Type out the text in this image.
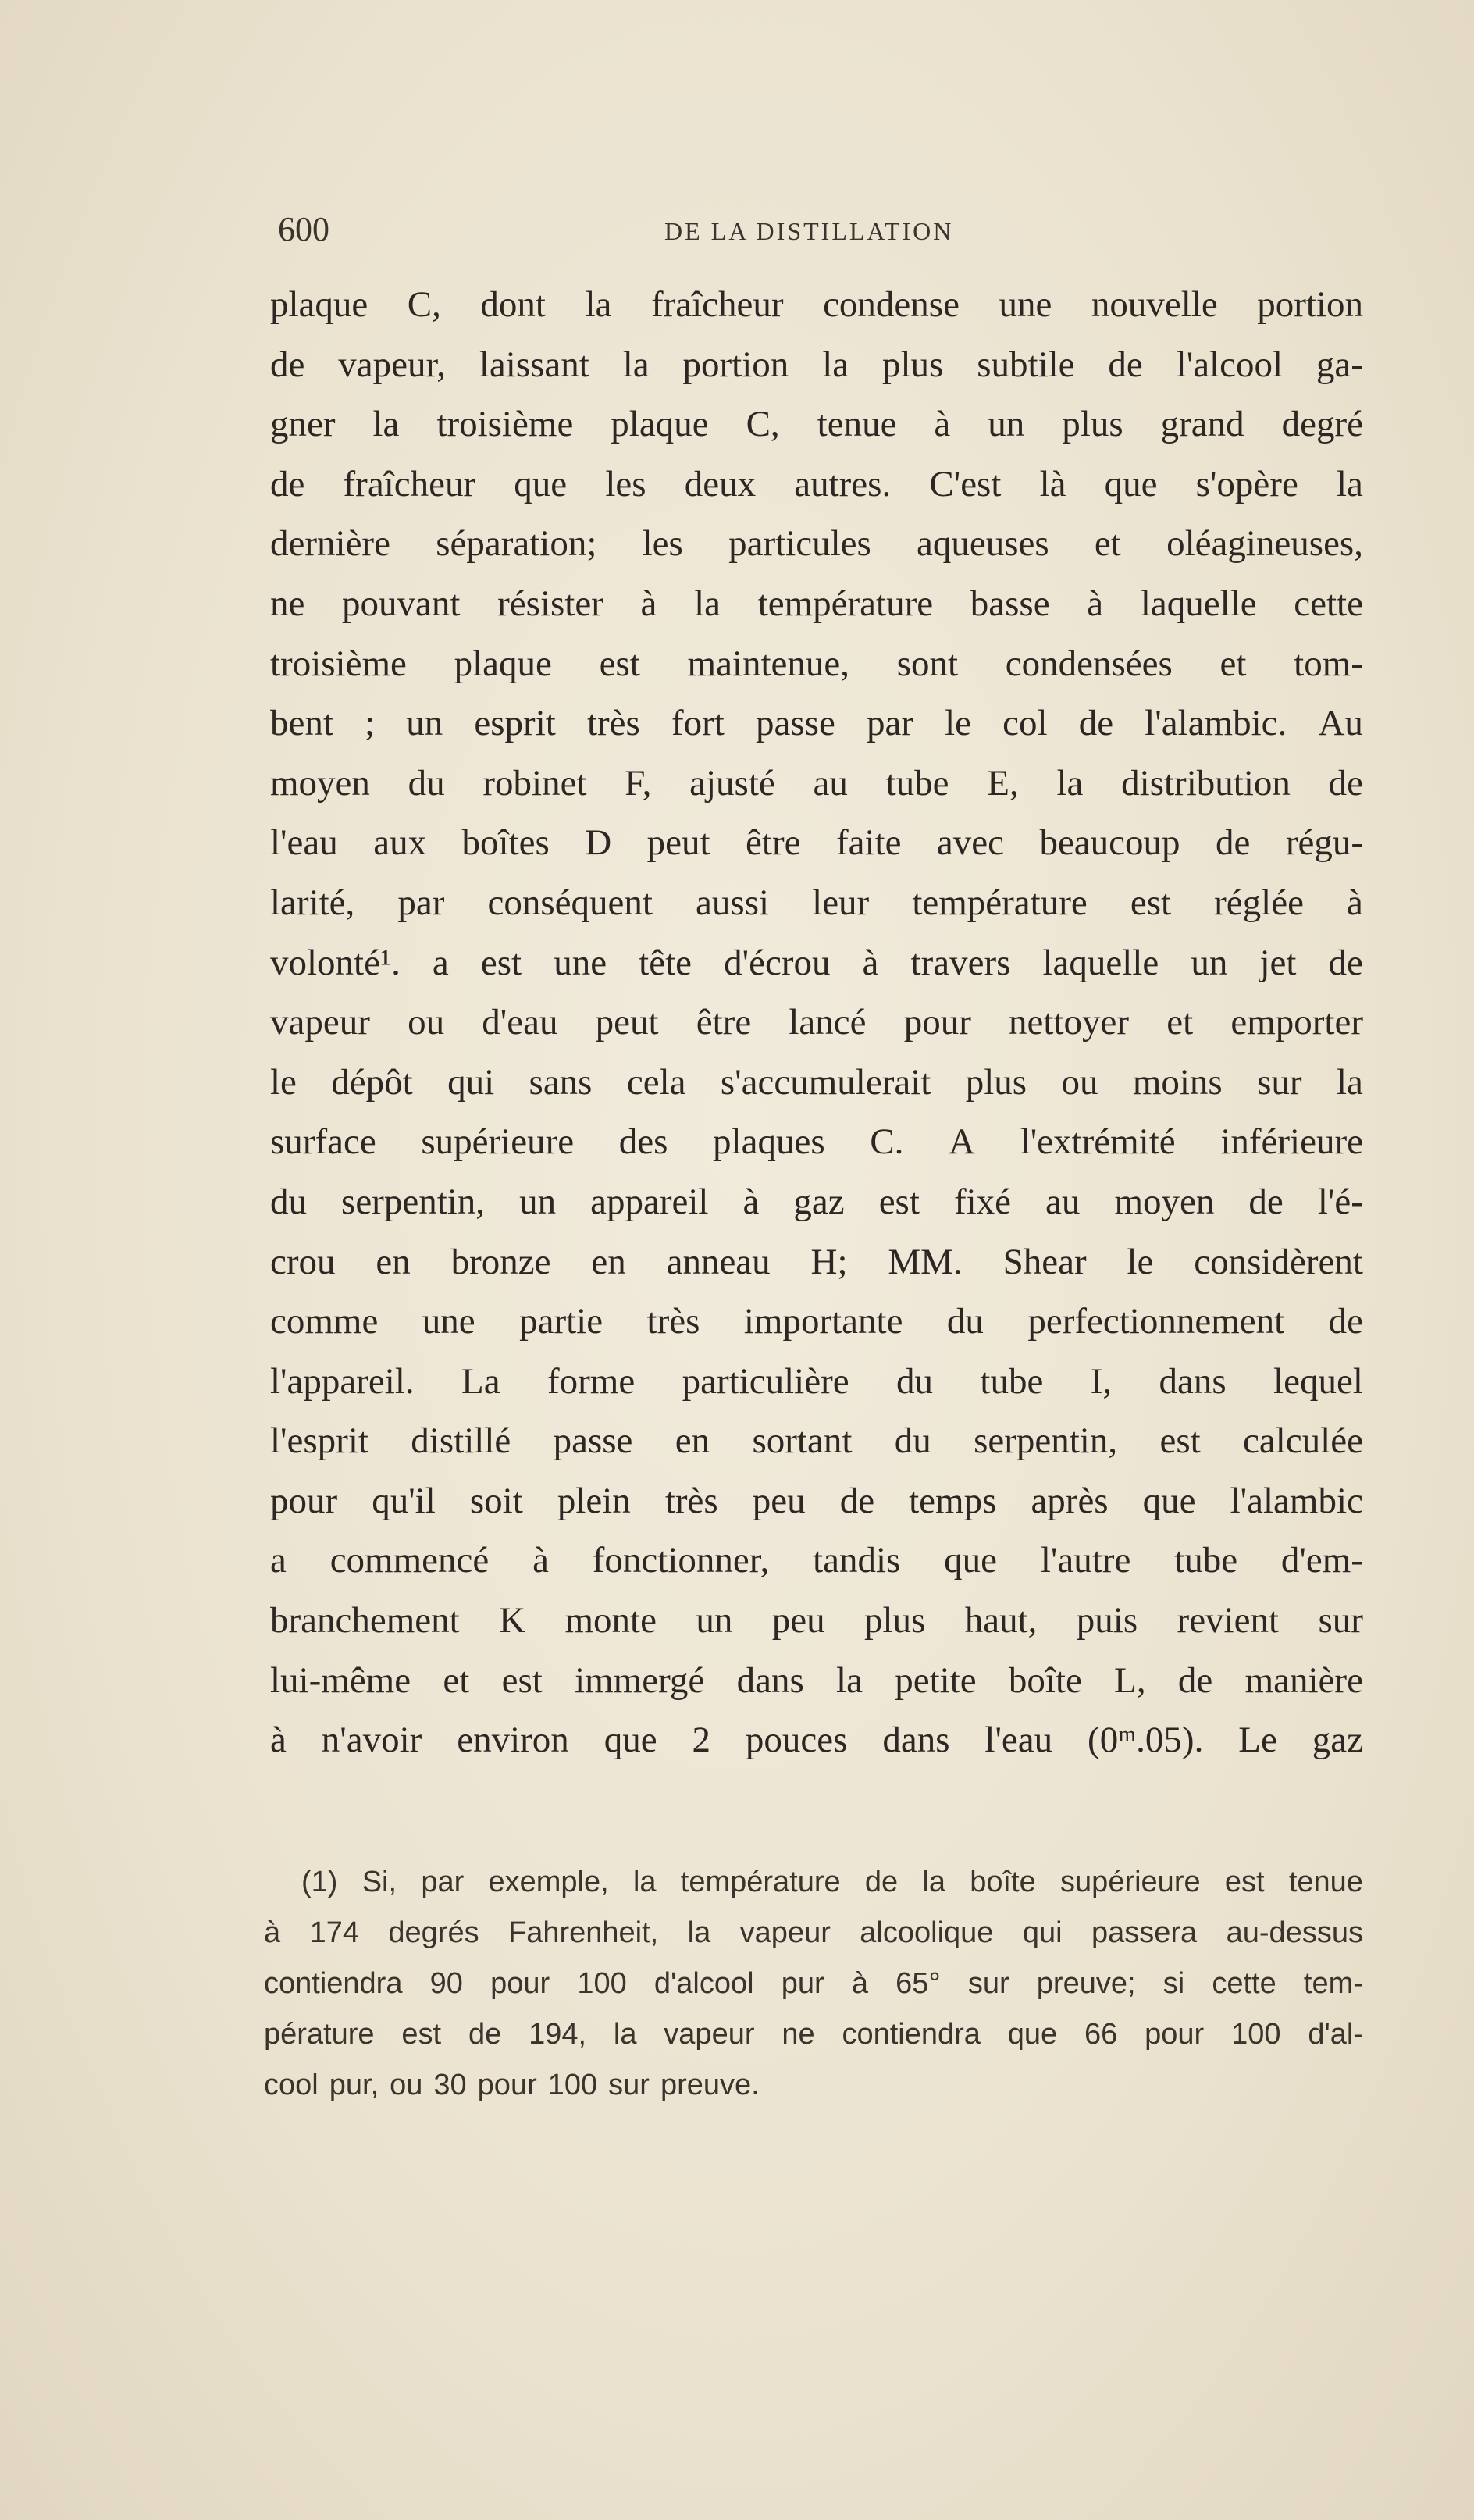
600	DE LA DISTILLATION
plaque C, dont la fraîcheur condense une nouvelle portion
de vapeur, laissant la portion la plus subtile de l'alcool ga-
gner la troisième plaque C, tenue à un plus grand degré
de fraîcheur que les deux autres. C'est là que s'opère la
dernière séparation; les particules aqueuses et oléagineuses,
ne pouvant résister à la température basse à laquelle cette
troisième plaque est maintenue, sont condensées et tom-
bent ; un esprit très fort passe par le col de l'alambic. Au
moyen du robinet F, ajusté au tube E, la distribution de
l'eau aux boîtes D peut être faite avec beaucoup de régu-
larité, par conséquent aussi leur température est réglée à
volonté¹. a est une tête d'écrou à travers laquelle un jet de
vapeur ou d'eau peut être lancé pour nettoyer et emporter
le dépôt qui sans cela s'accumulerait plus ou moins sur la
surface supérieure des plaques C. A l'extrémité inférieure
du serpentin, un appareil à gaz est fixé au moyen de l'é-
crou en bronze en anneau H; MM. Shear le considèrent
comme une partie très importante du perfectionnement de
l'appareil. La forme particulière du tube I, dans lequel
l'esprit distillé passe en sortant du serpentin, est calculée
pour qu'il soit plein très peu de temps après que l'alambic
a commencé à fonctionner, tandis que l'autre tube d'em-
branchement K monte un peu plus haut, puis revient sur
lui-même et est immergé dans la petite boîte L, de manière
à n'avoir environ que 2 pouces dans l'eau (0ᵐ.05). Le gaz
(1) Si, par exemple, la température de la boîte supérieure est tenue
à 174 degrés Fahrenheit, la vapeur alcoolique qui passera au-dessus
contiendra 90 pour 100 d'alcool pur à 65° sur preuve; si cette tem-
pérature est de 194, la vapeur ne contiendra que 66 pour 100 d'al-
cool pur, ou 30 pour 100 sur preuve.
